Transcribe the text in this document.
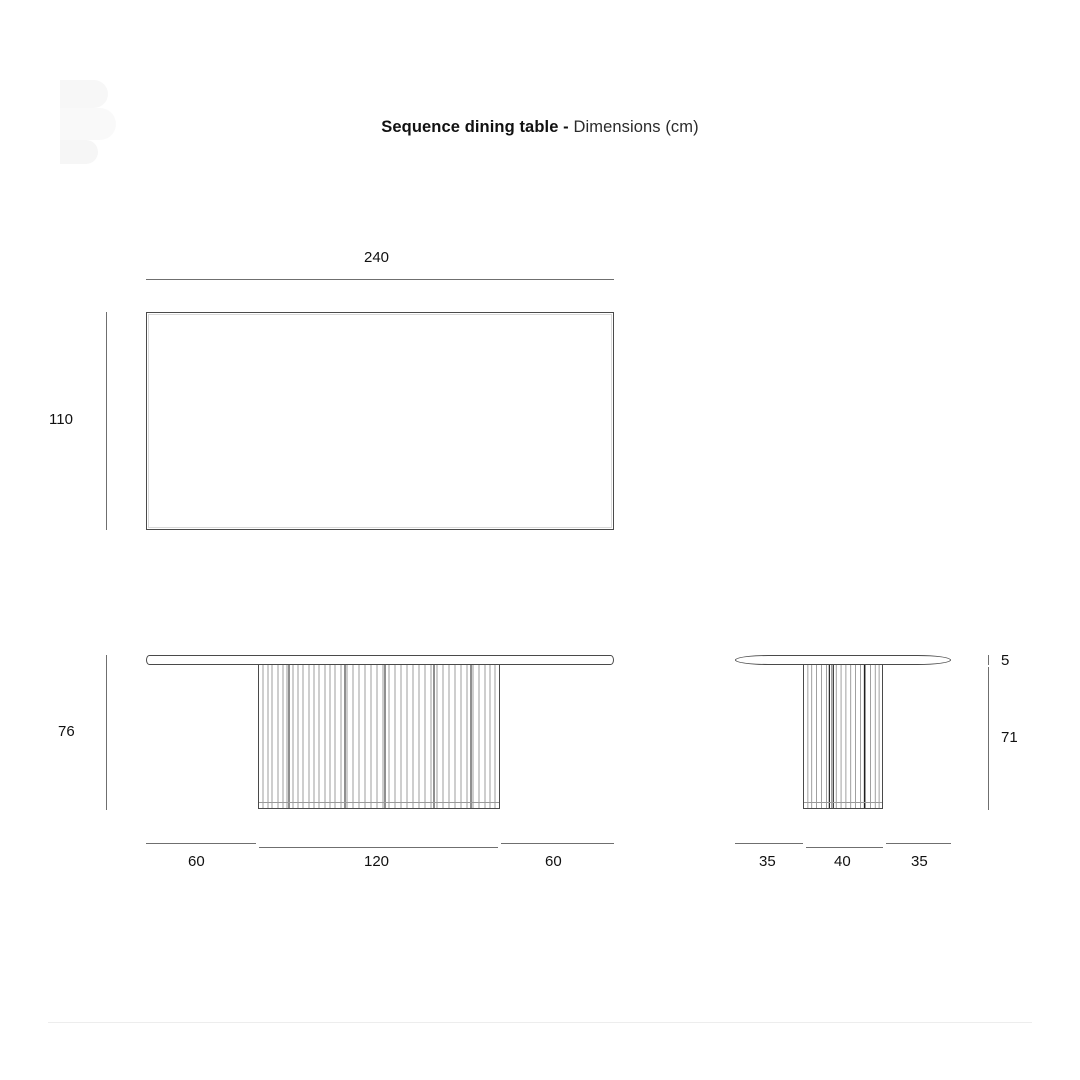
Sequence dining table - Dimensions (cm)
240
110
76
60	120	60
5
71
35	40	35
